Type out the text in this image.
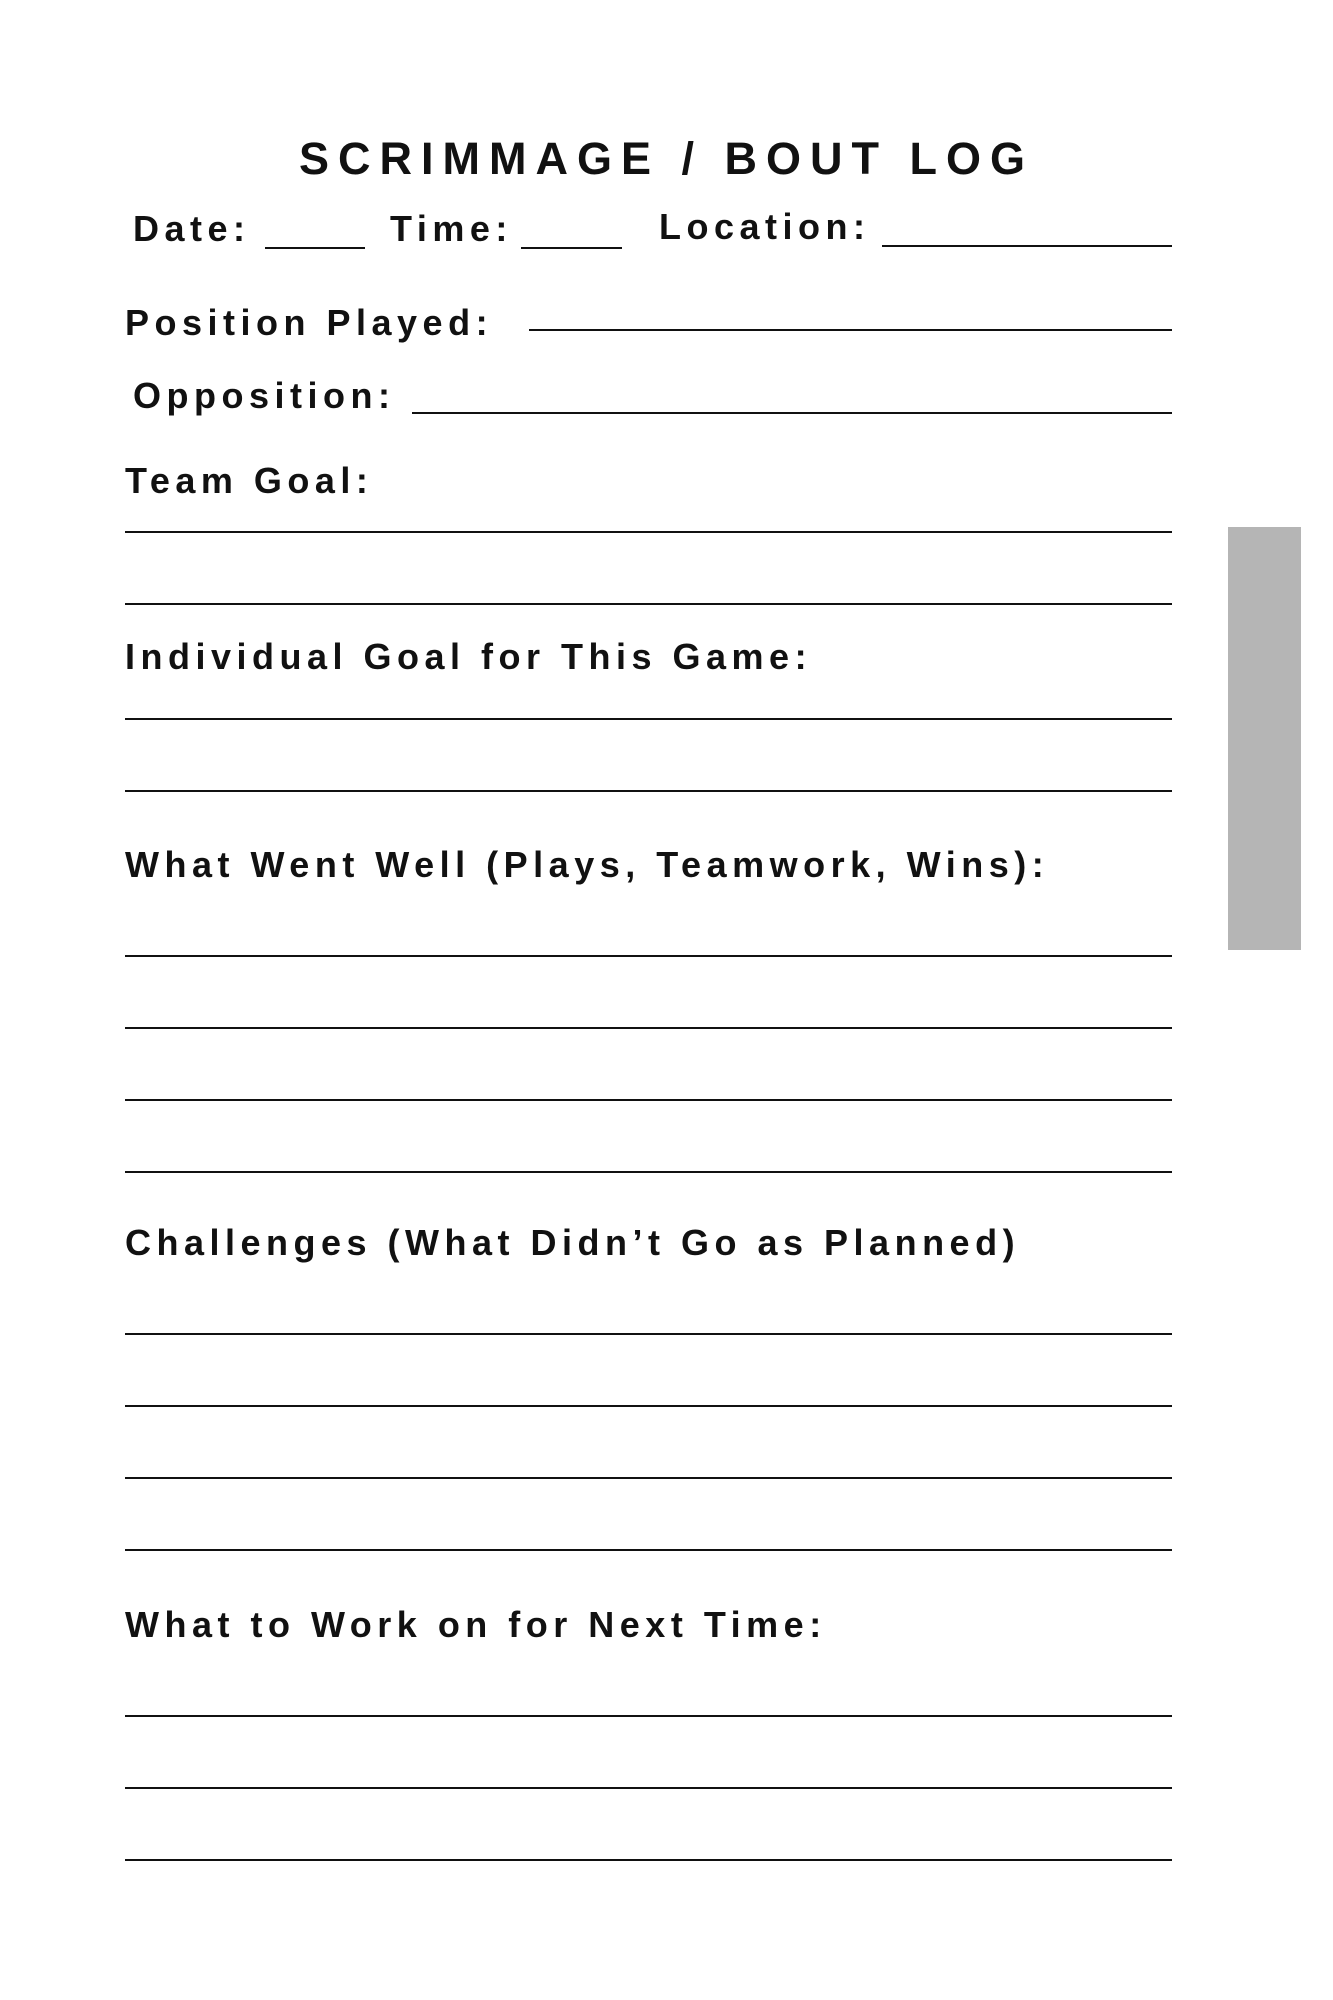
SCRIMMAGE / BOUT LOG
Date:	Time:	Location:
Position Played:
Opposition:
Team Goal:
Individual Goal for This Game:
What Went Well (Plays, Teamwork, Wins):
Challenges (What Didn’t Go as Planned)
What to Work on for Next Time:
